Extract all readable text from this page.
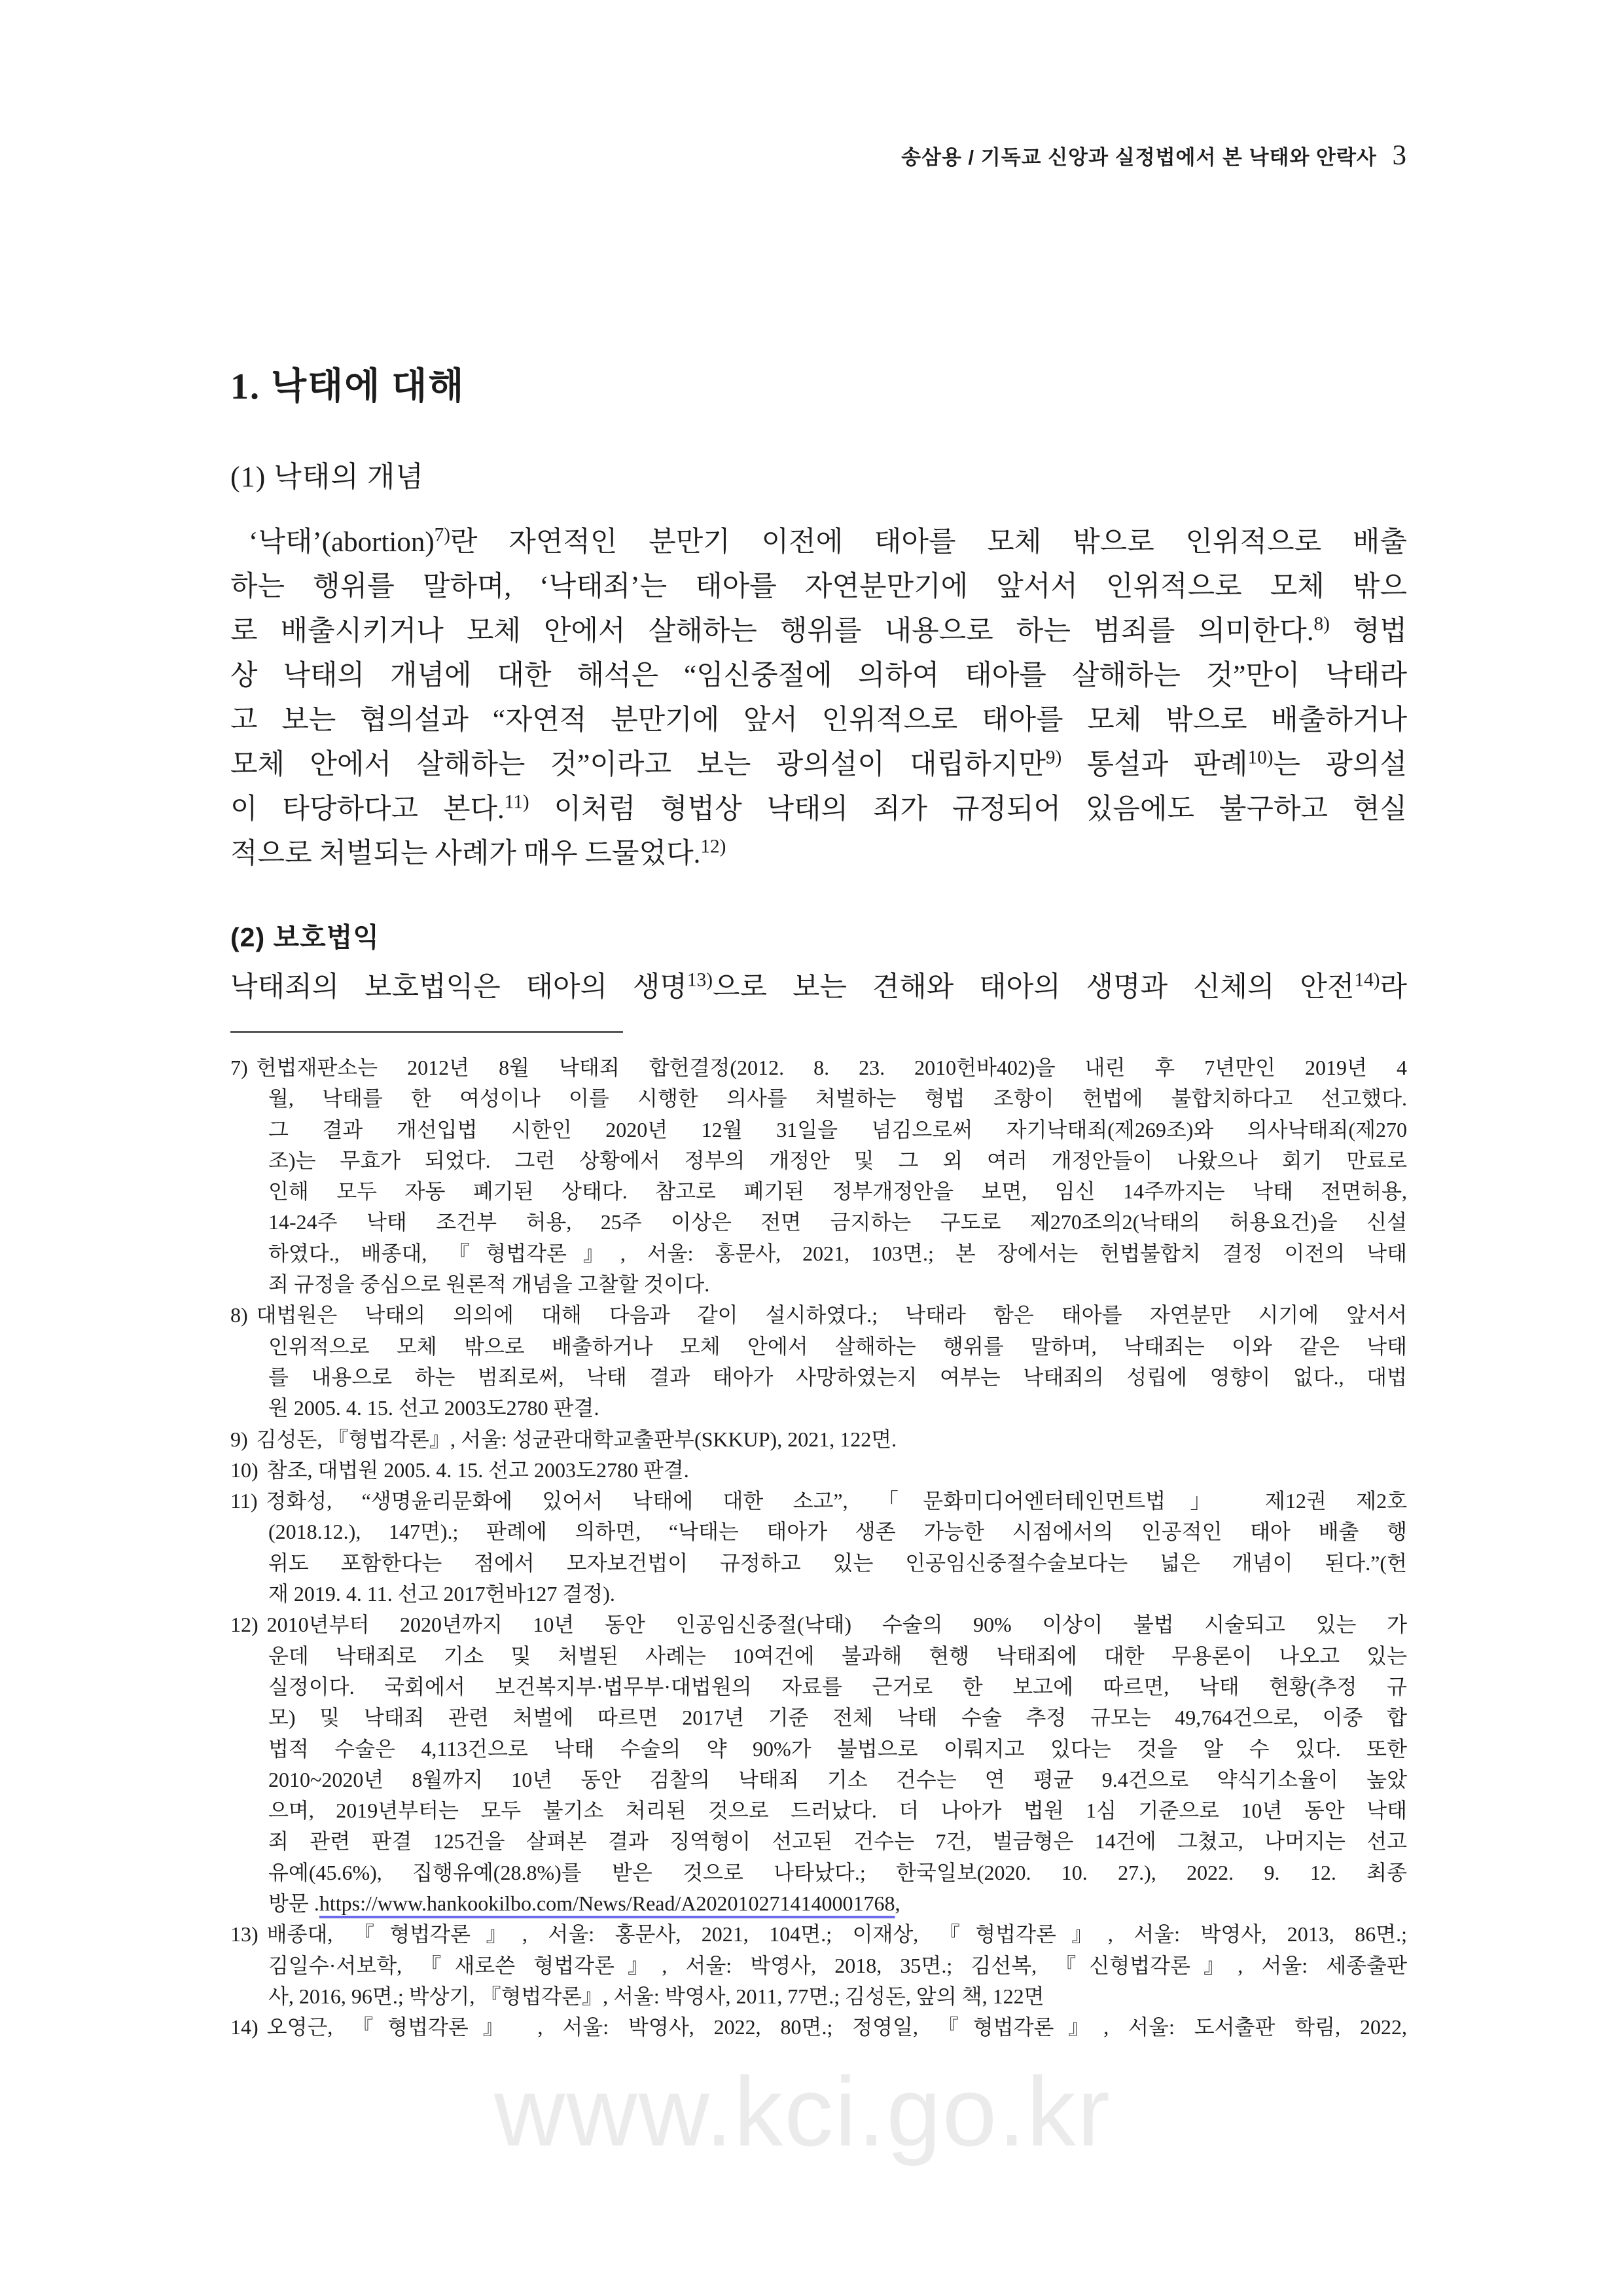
송삼용 / 기독교 신앙과 실정법에서 본 낙태와 안락사 3
1. 낙태에 대해
(1) 낙태의 개념
‘낙태’(abortion)$^{7)}$란 자연적인 분만기 이전에 태아를 모체 밖으로 인위적으로 배출
하는 행위를 말하며, ‘낙태죄’는 태아를 자연분만기에 앞서서 인위적으로 모체 밖으
로 배출시키거나 모체 안에서 살해하는 행위를 내용으로 하는 범죄를 의미한다.$^{8)}$ 형법
상 낙태의 개념에 대한 해석은 “임신중절에 의하여 태아를 살해하는 것”만이 낙태라
고 보는 협의설과 “자연적 분만기에 앞서 인위적으로 태아를 모체 밖으로 배출하거나
모체 안에서 살해하는 것”이라고 보는 광의설이 대립하지만$^{9)}$ 통설과 판례$^{10)}$는 광의설
이 타당하다고 본다.$^{11)}$ 이처럼 형법상 낙태의 죄가 규정되어 있음에도 불구하고 현실
적으로 처벌되는 사례가 매우 드물었다.$^{12)}$
(2) 보호법익
낙태죄의 보호법익은 태아의 생명$^{13)}$으로 보는 견해와 태아의 생명과 신체의 안전$^{14)}$라
7) 헌법재판소는 2012년 8월 낙태죄 합헌결정(2012. 8. 23. 2010헌바402)을 내린 후 7년만인 2019년 4
월, 낙태를 한 여성이나 이를 시행한 의사를 처벌하는 형법 조항이 헌법에 불합치하다고 선고했다.
그 결과 개선입법 시한인 2020년 12월 31일을 넘김으로써 자기낙태죄(제269조)와 의사낙태죄(제270
조)는 무효가 되었다. 그런 상황에서 정부의 개정안 및 그 외 여러 개정안들이 나왔으나 회기 만료로
인해 모두 자동 폐기된 상태다. 참고로 폐기된 정부개정안을 보면, 임신 14주까지는 낙태 전면허용,
14-24주 낙태 조건부 허용, 25주 이상은 전면 금지하는 구도로 제270조의2(낙태의 허용요건)을 신설
하였다., 배종대, 『형법각론』, 서울: 홍문사, 2021, 103면.; 본 장에서는 헌법불합치 결정 이전의 낙태
죄 규정을 중심으로 원론적 개념을 고찰할 것이다.
8) 대법원은 낙태의 의의에 대해 다음과 같이 설시하였다.; 낙태라 함은 태아를 자연분만 시기에 앞서서
인위적으로 모체 밖으로 배출하거나 모체 안에서 살해하는 행위를 말하며, 낙태죄는 이와 같은 낙태
를 내용으로 하는 범죄로써, 낙태 결과 태아가 사망하였는지 여부는 낙태죄의 성립에 영향이 없다., 대법
원 2005. 4. 15. 선고 2003도2780 판결.
9) 김성돈, 『형법각론』, 서울: 성균관대학교출판부(SKKUP), 2021, 122면.
10) 참조, 대법원 2005. 4. 15. 선고 2003도2780 판결.
11) 정화성, “생명윤리문화에 있어서 낙태에 대한 소고”, 「문화미디어엔터테인먼트법」 제12권 제2호
(2018.12.), 147면).; 판례에 의하면, “낙태는 태아가 생존 가능한 시점에서의 인공적인 태아 배출 행
위도 포함한다는 점에서 모자보건법이 규정하고 있는 인공임신중절수술보다는 넓은 개념이 된다.”(헌
재 2019. 4. 11. 선고 2017헌바127 결정).
12) 2010년부터 2020년까지 10년 동안 인공임신중절(낙태) 수술의 90% 이상이 불법 시술되고 있는 가
운데 낙태죄로 기소 및 처벌된 사례는 10여건에 불과해 현행 낙태죄에 대한 무용론이 나오고 있는
실정이다. 국회에서 보건복지부·법무부·대법원의 자료를 근거로 한 보고에 따르면, 낙태 현황(추정 규
모) 및 낙태죄 관련 처벌에 따르면 2017년 기준 전체 낙태 수술 추정 규모는 49,764건으로, 이중 합
법적 수술은 4,113건으로 낙태 수술의 약 90%가 불법으로 이뤄지고 있다는 것을 알 수 있다. 또한
2010~2020년 8월까지 10년 동안 검찰의 낙태죄 기소 건수는 연 평균 9.4건으로 약식기소율이 높았
으며, 2019년부터는 모두 불기소 처리된 것으로 드러났다. 더 나아가 법원 1심 기준으로 10년 동안 낙태
죄 관련 판결 125건을 살펴본 결과 징역형이 선고된 건수는 7건, 벌금형은 14건에 그쳤고, 나머지는 선고
유예(45.6%), 집행유예(28.8%)를 받은 것으로 나타났다.; 한국일보(2020. 10. 27.), 2022. 9. 12. 최종
방문 .https://www.hankookilbo.com/News/Read/A2020102714140001768,
13) 배종대, 『형법각론』, 서울: 홍문사, 2021, 104면.; 이재상, 『형법각론』, 서울: 박영사, 2013, 86면.;
김일수·서보학, 『새로쓴 형법각론』, 서울: 박영사, 2018, 35면.; 김선복, 『신형법각론』, 서울: 세종출판
사, 2016, 96면.; 박상기, 『형법각론』, 서울: 박영사, 2011, 77면.; 김성돈, 앞의 책, 122면
14) 오영근, 『형법각론』 , 서울: 박영사, 2022, 80면.; 정영일, 『형법각론』, 서울: 도서출판 학림, 2022,
www.kci.go.kr
